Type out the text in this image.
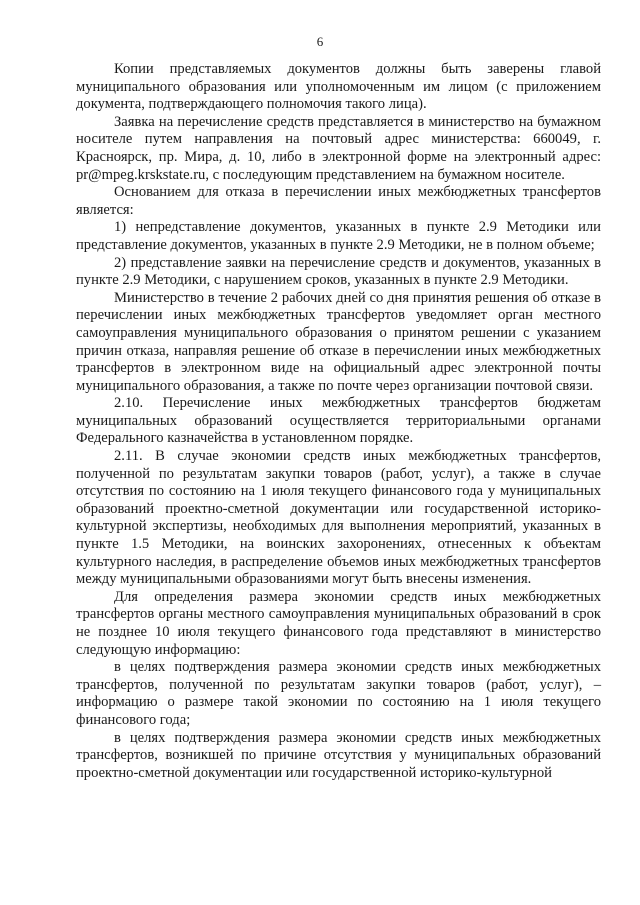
6

Копии представляемых документов должны быть заверены главой муниципального образования или уполномоченным им лицом (с приложением документа, подтверждающего полномочия такого лица).

Заявка на перечисление средств представляется в министерство на бумажном носителе путем направления на почтовый адрес министерства: 660049, г. Красноярск, пр. Мира, д. 10, либо в электронной форме на электронный адрес: pr@mpeg.krskstate.ru, с последующим представлением на бумажном носителе.

Основанием для отказа в перечислении иных межбюджетных трансфертов является:

1) непредставление документов, указанных в пункте 2.9 Методики или представление документов, указанных в пункте 2.9 Методики, не в полном объеме;

2) представление заявки на перечисление средств и документов, указанных в пункте 2.9 Методики, с нарушением сроков, указанных в пункте 2.9 Методики.

Министерство в течение 2 рабочих дней со дня принятия решения об отказе в перечислении иных межбюджетных трансфертов уведомляет орган местного самоуправления муниципального образования о принятом решении с указанием причин отказа, направляя решение об отказе в перечислении иных межбюджетных трансфертов в электронном виде на официальный адрес электронной почты муниципального образования, а также по почте через организации почтовой связи.

2.10. Перечисление иных межбюджетных трансфертов бюджетам муниципальных образований осуществляется территориальными органами Федерального казначейства в установленном порядке.

2.11. В случае экономии средств иных межбюджетных трансфертов, полученной по результатам закупки товаров (работ, услуг), а также в случае отсутствия по состоянию на 1 июля текущего финансового года у муниципальных образований проектно-сметной документации или государственной историко-культурной экспертизы, необходимых для выполнения мероприятий, указанных в пункте 1.5 Методики, на воинских захоронениях, отнесенных к объектам культурного наследия, в распределение объемов иных межбюджетных трансфертов между муниципальными образованиями могут быть внесены изменения.

Для определения размера экономии средств иных межбюджетных трансфертов органы местного самоуправления муниципальных образований в срок не позднее 10 июля текущего финансового года представляют в министерство следующую информацию:

в целях подтверждения размера экономии средств иных межбюджетных трансфертов, полученной по результатам закупки товаров (работ, услуг), – информацию о размере такой экономии по состоянию на 1 июля текущего финансового года;

в целях подтверждения размера экономии средств иных межбюджетных трансфертов, возникшей по причине отсутствия у муниципальных образований проектно-сметной документации или государственной историко-культурной
